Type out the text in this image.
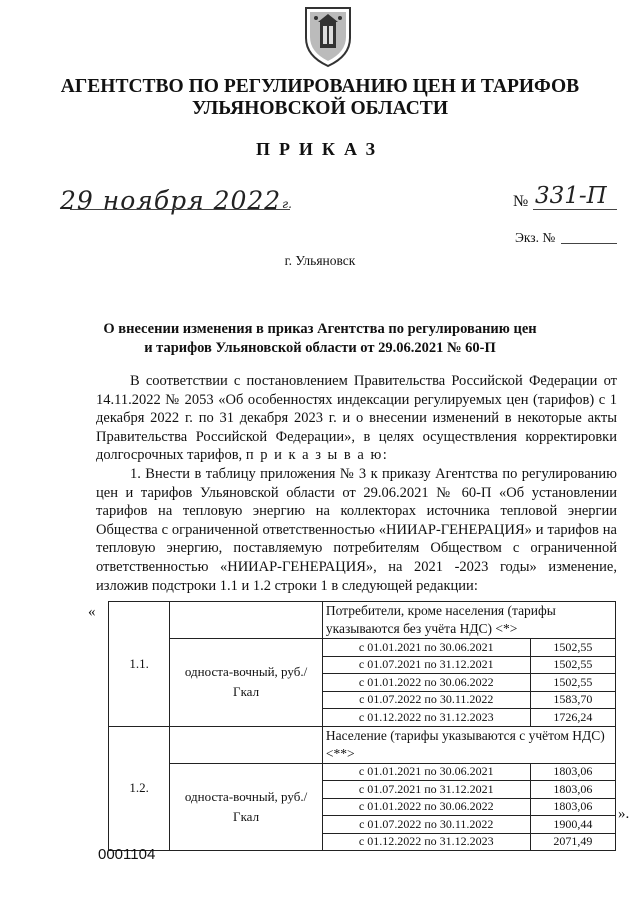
АГЕНТСТВО ПО РЕГУЛИРОВАНИЮ ЦЕН И ТАРИФОВ
УЛЬЯНОВСКОЙ ОБЛАСТИ
ПРИКАЗ
29 ноября 2022 г.	№ 331-П
Экз. №
г. Ульяновск
О внесении изменения в приказ Агентства по регулированию цен
и тарифов Ульяновской области от 29.06.2021 № 60-П

В соответствии с постановлением Правительства Российской Федерации от 14.11.2022 № 2053 «Об особенностях индексации регулируемых цен (тарифов) с 1 декабря 2022 г. по 31 декабря 2023 г. и о внесении изменений в некоторые акты Правительства Российской Федерации», в целях осуществления корректировки долгосрочных тарифов, п р и к а з ы в а ю:

1. Внести в таблицу приложения № 3 к приказу Агентства по регулированию цен и тарифов Ульяновской области от 29.06.2021 № 60-П «Об установлении тарифов на тепловую энергию на коллекторах источника тепловой энергии Общества с ограниченной ответственностью «НИИАР-ГЕНЕРАЦИЯ» и тарифов на тепловую энергию, поставляемую потребителям Обществом с ограниченной ответственностью «НИИАР-ГЕНЕРАЦИЯ», на 2021 -2023 годы» изменение, изложив подстроки 1.1 и 1.2 строки 1 в следующей редакции:

«
1.1.		Потребители, кроме населения (тарифы указываются без учёта НДС) <*>	
	односта-вочный, руб./Гкал	с 01.01.2021 по 30.06.2021	1502,55
		с 01.07.2021 по 31.12.2021	1502,55
		с 01.01.2022 по 30.06.2022	1502,55
		с 01.07.2022 по 30.11.2022	1583,70
		с 01.12.2022 по 31.12.2023	1726,24
1.2.		Население (тарифы указываются с учётом НДС) <**>	
	односта-вочный, руб./Гкал	с 01.01.2021 по 30.06.2021	1803,06
		с 01.07.2021 по 31.12.2021	1803,06
		с 01.01.2022 по 30.06.2022	1803,06
		с 01.07.2022 по 30.11.2022	1900,44
		с 01.12.2022 по 31.12.2023	2071,49
».
0001104
